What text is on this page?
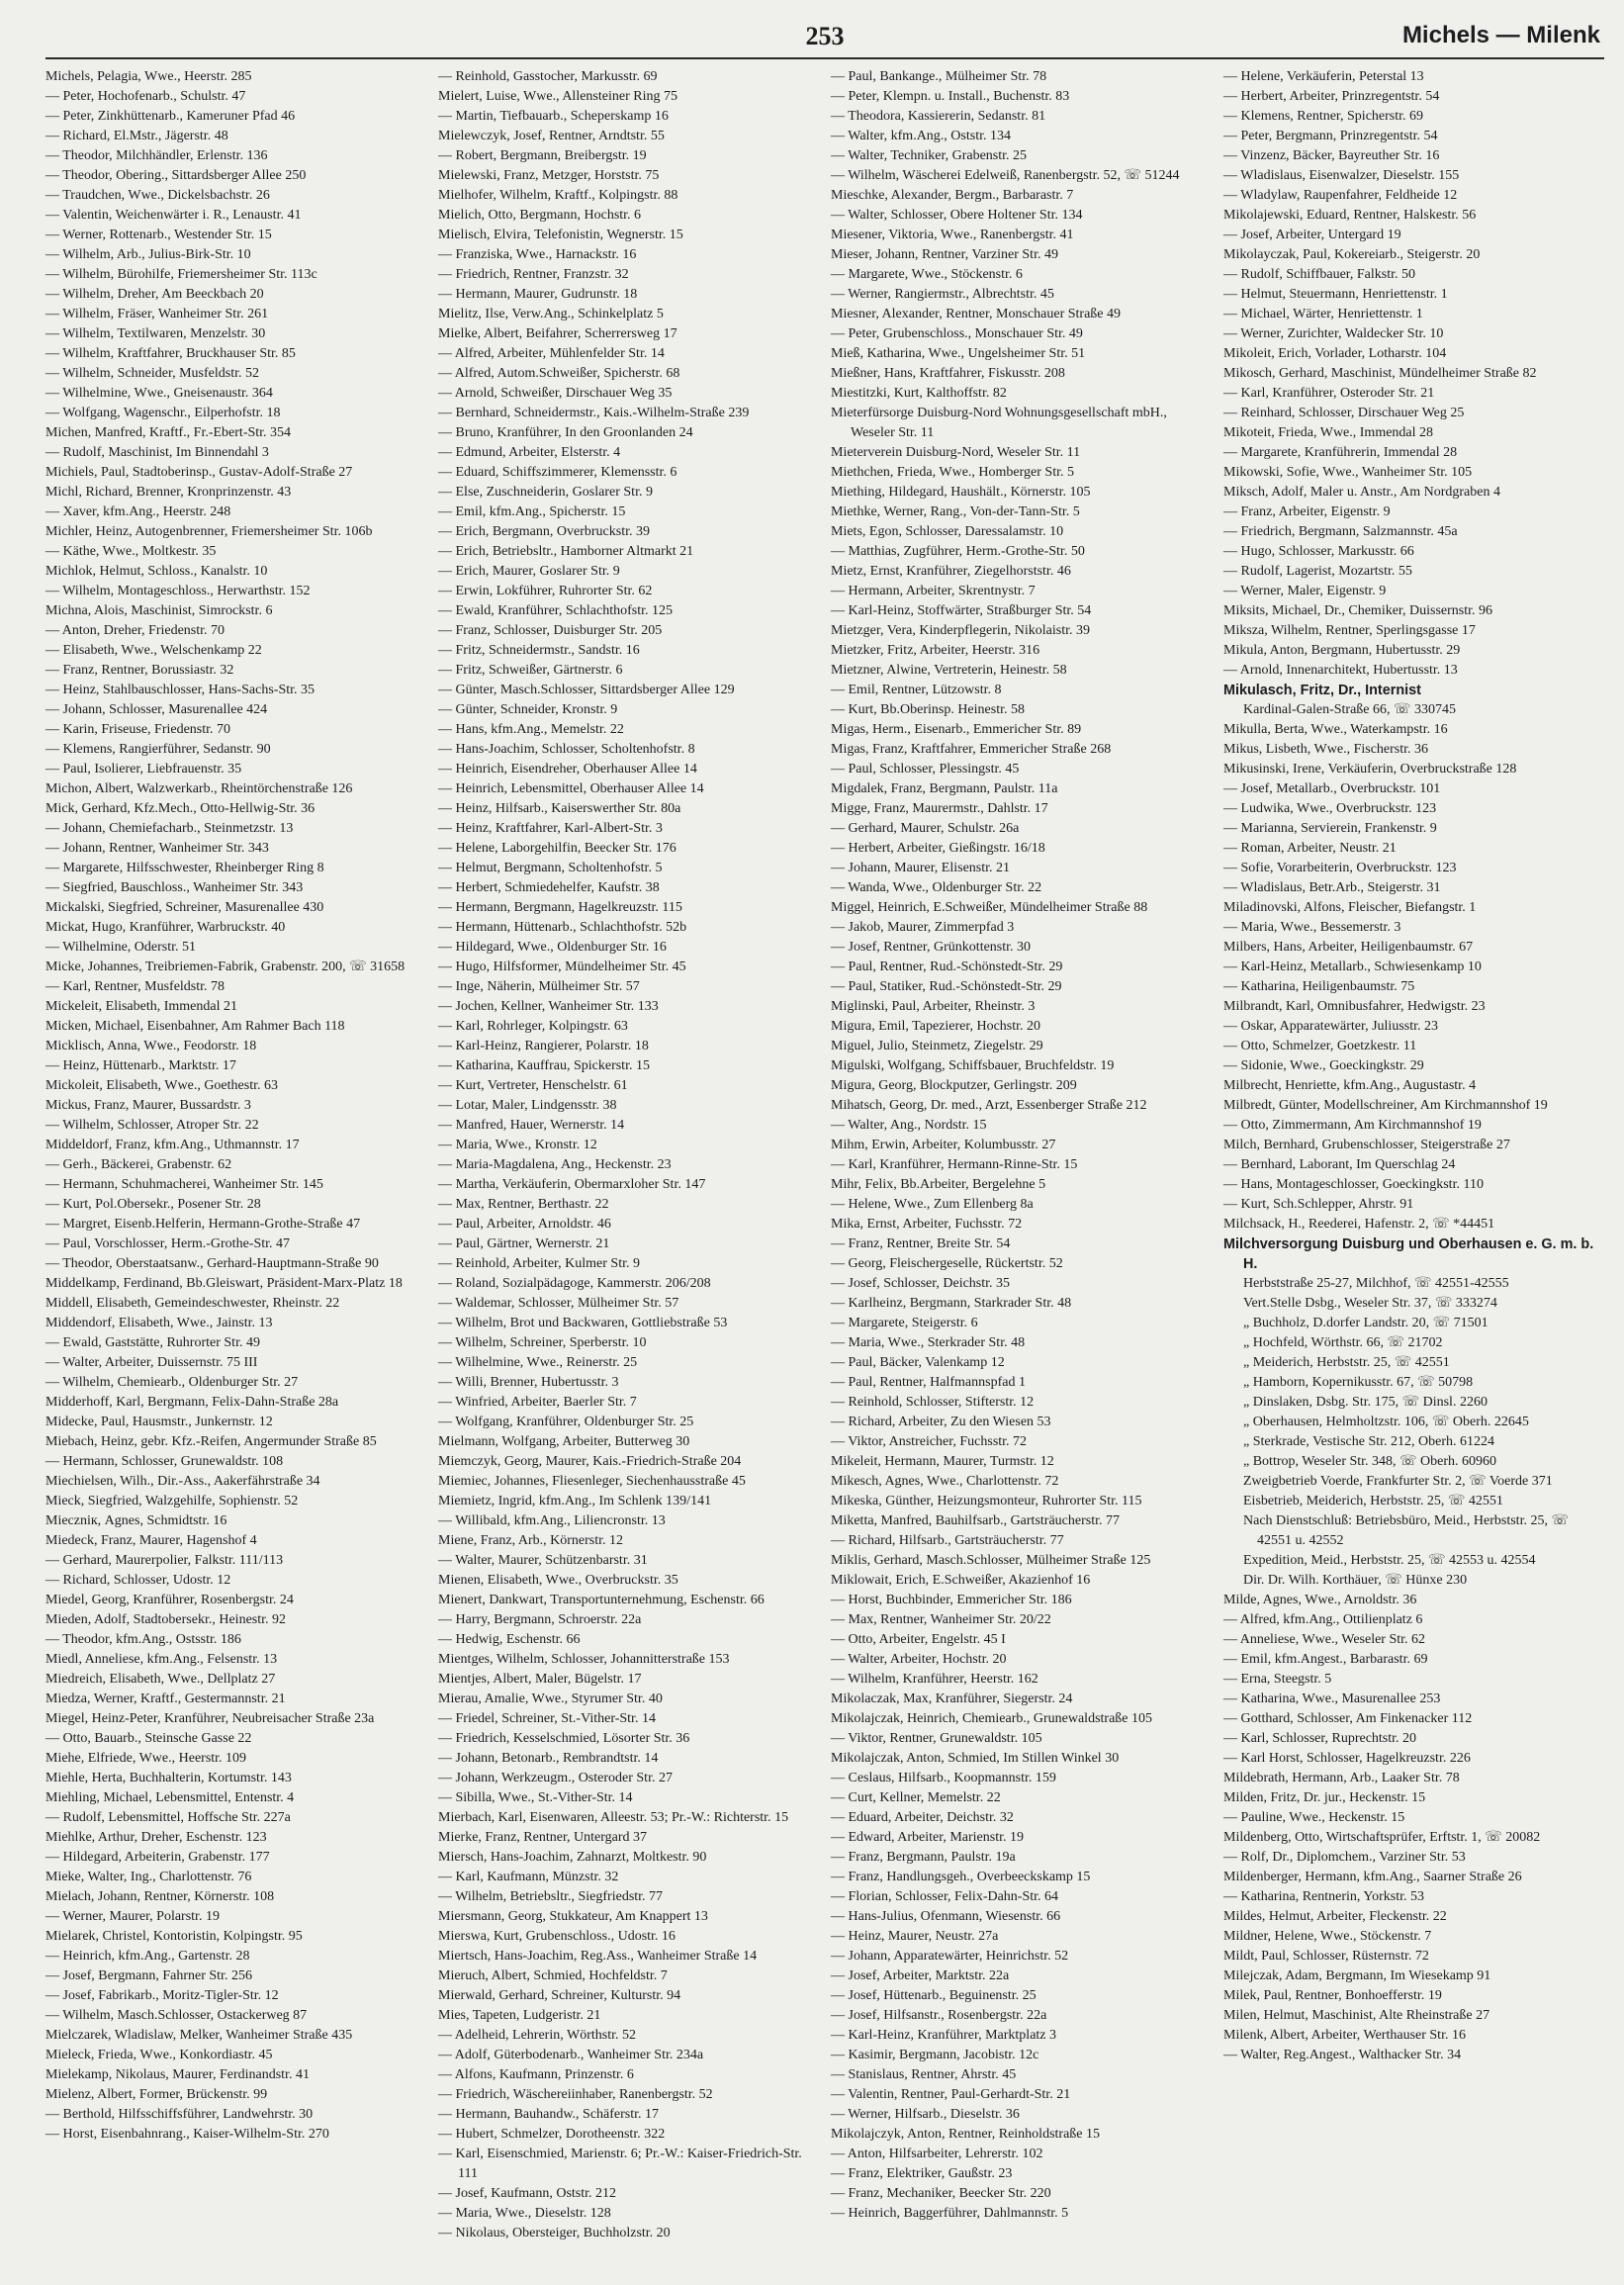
253	Michels — Milenk
Michels, Pelagia, Wwe., Heerstr. 285
— Peter, Hochofenarb., Schulstr. 47
— Peter, Zinkhüttenarb., Kameruner Pfad 46
— Richard, El.Mstr., Jägerstr. 48
— Theodor, Milchhändler, Erlenstr. 136
— Theodor, Obering., Sittardsberger Allee 250
— Traudchen, Wwe., Dickelsbachstr. 26
— Valentin, Weichenwärter i. R., Lenaustr. 41
— Werner, Rottenarb., Westender Str. 15
— Wilhelm, Arb., Julius-Birk-Str. 10
— Wilhelm, Bürohilfe, Friemersheimer Str. 113c
— Wilhelm, Dreher, Am Beeckbach 20
— Wilhelm, Fräser, Wanheimer Str. 261
— Wilhelm, Textilwaren, Menzelstr. 30
— Wilhelm, Kraftfahrer, Bruckhauser Str. 85
— Wilhelm, Schneider, Musfeldstr. 52
— Wilhelmine, Wwe., Gneisenaustr. 364
— Wolfgang, Wagenschr., Eilperhofstr. 18
Michen, Manfred, Kraftf., Fr.-Ebert-Str. 354
— Rudolf, Maschinist, Im Binnendahl 3
Michiels, Paul, Stadtoberinsp., Gustav-Adolf-Straße 27
Michl, Richard, Brenner, Kronprinzenstr. 43
— Xaver, kfm.Ang., Heerstr. 248
Michler, Heinz, Autogenbrenner, Friemersheimer Str. 106b
— Käthe, Wwe., Moltkestr. 35
Michlok, Helmut, Schloss., Kanalstr. 10
— Wilhelm, Montageschloss., Herwarthstr. 152
Michna, Alois, Maschinist, Simrockstr. 6
— Anton, Dreher, Friedenstr. 70
— Elisabeth, Wwe., Welschenkamp 22
— Franz, Rentner, Borussiastr. 32
— Heinz, Stahlbauschlosser, Hans-Sachs-Str. 35
— Johann, Schlosser, Masurenallee 424
— Karin, Friseuse, Friedenstr. 70
— Klemens, Rangierführer, Sedanstr. 90
— Paul, Isolierer, Liebfrauenstr. 35
Michon, Albert, Walzwerkarb., Rheintörchenstraße 126
Mick, Gerhard, Kfz.Mech., Otto-Hellwig-Str. 36
— Johann, Chemiefacharb., Steinmetzstr. 13
— Johann, Rentner, Wanheimer Str. 343
— Margarete, Hilfsschwester, Rheinberger Ring 8
— Siegfried, Bauschloss., Wanheimer Str. 343
Mickalski, Siegfried, Schreiner, Masurenallee 430
Mickat, Hugo, Kranführer, Warbruckstr. 40
— Wilhelmine, Oderstr. 51
Micke, Johannes, Treibriemen-Fabrik, Grabenstr. 200, ☏ 31658
— Karl, Rentner, Musfeldstr. 78
Mickeleit, Elisabeth, Immendal 21
Micken, Michael, Eisenbahner, Am Rahmer Bach 118
Micklisch, Anna, Wwe., Feodorstr. 18
— Heinz, Hüttenarb., Marktstr. 17
Mickoleit, Elisabeth, Wwe., Goethestr. 63
Mickus, Franz, Maurer, Bussardstr. 3
— Wilhelm, Schlosser, Atroper Str. 22
Middeldorf, Franz, kfm.Ang., Uthmannstr. 17
— Gerh., Bäckerei, Grabenstr. 62
— Hermann, Schuhmacherei, Wanheimer Str. 145
— Kurt, Pol.Obersekr., Posener Str. 28
— Margret, Eisenb.Helferin, Hermann-Grothe-Straße 47
— Paul, Vorschlosser, Herm.-Grothe-Str. 47
— Theodor, Oberstaatsanw., Gerhard-Hauptmann-Straße 90
Middelkamp, Ferdinand, Bb.Gleiswart, Präsident-Marx-Platz 18
Middell, Elisabeth, Gemeindeschwester, Rheinstr. 22
Middendorf, Elisabeth, Wwe., Jainstr. 13
— Ewald, Gaststätte, Ruhrorter Str. 49
— Walter, Arbeiter, Duissernstr. 75 III
— Wilhelm, Chemiearb., Oldenburger Str. 27
Midderhoff, Karl, Bergmann, Felix-Dahn-Straße 28a
Midecke, Paul, Hausmstr., Junkernstr. 12
Miebach, Heinz, gebr. Kfz.-Reifen, Angermunder Straße 85
— Hermann, Schlosser, Grunewaldstr. 108
Miechielsen, Wilh., Dir.-Ass., Aakerfährstraße 34
Mieck, Siegfried, Walzgehilfe, Sophienstr. 52
Mieczniк, Agnes, Schmidtstr. 16
Miedeck, Franz, Maurer, Hagenshof 4
— Gerhard, Maurerpolier, Falkstr. 111/113
— Richard, Schlosser, Udostr. 12
Miedel, Georg, Kranführer, Rosenbergstr. 24
Mieden, Adolf, Stadtobersekr., Heinestr. 92
— Theodor, kfm.Ang., Ostsstr. 186
Miedl, Anneliese, kfm.Ang., Felsenstr. 13
Miedreich, Elisabeth, Wwe., Dellplatz 27
Miedza, Werner, Kraftf., Gestermannstr. 21
Miegel, Heinz-Peter, Kranführer, Neubreisacher Straße 23a
— Otto, Bauarb., Steinsche Gasse 22
Miehe, Elfriede, Wwe., Heerstr. 109
Miehle, Herta, Buchhalterin, Kortumstr. 143
Miehling, Michael, Lebensmittel, Entenstr. 4
— Rudolf, Lebensmittel, Hoffsche Str. 227a
Miehlke, Arthur, Dreher, Eschenstr. 123
— Hildegard, Arbeiterin, Grabenstr. 177
Mieke, Walter, Ing., Charlottenstr. 76
Mielach, Johann, Rentner, Körnerstr. 108
— Werner, Maurer, Polarstr. 19
Mielarek, Christel, Kontoristin, Kolpingstr. 95
— Heinrich, kfm.Ang., Gartenstr. 28
— Josef, Bergmann, Fahrner Str. 256
— Josef, Fabrikarb., Moritz-Tigler-Str. 12
— Wilhelm, Masch.Schlosser, Ostackerweg 87
Mielczarek, Wladislaw, Melker, Wanheimer Straße 435
Mieleck, Frieda, Wwe., Konkordiastr. 45
Mielekamp, Nikolaus, Maurer, Ferdinandstr. 41
Mielenz, Albert, Former, Brückenstr. 99
— Berthold, Hilfsschiffsführer, Landwehrstr. 30
— Horst, Eisenbahnrang., Kaiser-Wilhelm-Str. 270
— Reinhold, Gasstocher, Markusstr. 69
Mielert, Luise, Wwe., Allensteiner Ring 75
— Martin, Tiefbauarb., Scheperskamp 16
Mielewczyk, Josef, Rentner, Arndtstr. 55
— Robert, Bergmann, Breibergstr. 19
Mielewski, Franz, Metzger, Horststr. 75
Mielhofer, Wilhelm, Kraftf., Kolpingstr. 88
Mielich, Otto, Bergmann, Hochstr. 6
Mielisch, Elvira, Telefonistin, Wegnerstr. 15
— Franziska, Wwe., Harnackstr. 16
— Friedrich, Rentner, Franzstr. 32
— Hermann, Maurer, Gudrunstr. 18
Mielitz, Ilse, Verw.Ang., Schinkelplatz 5
Mielke, Albert, Beifahrer, Scherrersweg 17
— Alfred, Arbeiter, Mühlenfelder Str. 14
— Alfred, Autom.Schweißer, Spicherstr. 68
— Arnold, Schweißer, Dirschauer Weg 35
— Bernhard, Schneidermstr., Kais.-Wilhelm-Straße 239
— Bruno, Kranführer, In den Groonlanden 24
— Edmund, Arbeiter, Elsterstr. 4
— Eduard, Schiffszimmerer, Klemensstr. 6
— Else, Zuschneiderin, Goslarer Str. 9
— Emil, kfm.Ang., Spicherstr. 15
— Erich, Bergmann, Overbruckstr. 39
— Erich, Betriebsltr., Hamborner Altmarkt 21
— Erich, Maurer, Goslarer Str. 9
— Erwin, Lokführer, Ruhrorter Str. 62
— Ewald, Kranführer, Schlachthofstr. 125
— Franz, Schlosser, Duisburger Str. 205
— Fritz, Schneidermstr., Sandstr. 16
— Fritz, Schweißer, Gärtnerstr. 6
— Günter, Masch.Schlosser, Sittardsberger Allee 129
— Günter, Schneider, Kronstr. 9
— Hans, kfm.Ang., Memelstr. 22
— Hans-Joachim, Schlosser, Scholtenhofstr. 8
— Heinrich, Eisendreher, Oberhauser Allee 14
— Heinrich, Lebensmittel, Oberhauser Allee 14
— Heinz, Hilfsarb., Kaiserswerther Str. 80a
— Heinz, Kraftfahrer, Karl-Albert-Str. 3
— Helene, Laborgehilfin, Beecker Str. 176
— Helmut, Bergmann, Scholtenhofstr. 5
— Herbert, Schmiedehelfer, Kaufstr. 38
— Hermann, Bergmann, Hagelkreuzstr. 115
— Hermann, Hüttenarb., Schlachthofstr. 52b
— Hildegard, Wwe., Oldenburger Str. 16
— Hugo, Hilfsformer, Mündelheimer Str. 45
— Inge, Näherin, Mülheimer Str. 57
— Jochen, Kellner, Wanheimer Str. 133
— Karl, Rohrleger, Kolpingstr. 63
— Karl-Heinz, Rangierer, Polarstr. 18
— Katharina, Kauffrau, Spickerstr. 15
— Kurt, Vertreter, Henschelstr. 61
— Lotar, Maler, Lindgensstr. 38
— Manfred, Hauer, Wernerstr. 14
— Maria, Wwe., Kronstr. 12
— Maria-Magdalena, Ang., Heckenstr. 23
— Martha, Verkäuferin, Obermarxloher Str. 147
— Max, Rentner, Berthastr. 22
— Paul, Arbeiter, Arnoldstr. 46
— Paul, Gärtner, Wernerstr. 21
— Reinhold, Arbeiter, Kulmer Str. 9
— Roland, Sozialpädagoge, Kammerstr. 206/208
— Waldemar, Schlosser, Mülheimer Str. 57
— Wilhelm, Brot und Backwaren, Gottliebstraße 53
— Wilhelm, Schreiner, Sperberstr. 10
— Wilhelmine, Wwe., Reinerstr. 25
— Willi, Brenner, Hubertusstr. 3
— Winfried, Arbeiter, Baerler Str. 7
— Wolfgang, Kranführer, Oldenburger Str. 25
Mielmann, Wolfgang, Arbeiter, Butterweg 30
Miemczyk, Georg, Maurer, Kais.-Friedrich-Straße 204
Miemiec, Johannes, Fliesenleger, Siechenhausstraße 45
Miemietz, Ingrid, kfm.Ang., Im Schlenk 139/141
— Willibald, kfm.Ang., Liliencronstr. 13
Miene, Franz, Arb., Körnerstr. 12
— Walter, Maurer, Schützenbarstr. 31
Mienen, Elisabeth, Wwe., Overbruckstr. 35
Mienert, Dankwart, Transportunternehmung, Eschenstr. 66
— Harry, Bergmann, Schroerstr. 22a
— Hedwig, Eschenstr. 66
Mientges, Wilhelm, Schlosser, Johannitterstraße 153
Mientjes, Albert, Maler, Bügelstr. 17
Mierau, Amalie, Wwe., Styrumer Str. 40
— Friedel, Schreiner, St.-Vither-Str. 14
— Friedrich, Kesselschmied, Lösorter Str. 36
— Johann, Betonarb., Rembrandtstr. 14
— Johann, Werkzeugm., Osteroder Str. 27
— Sibilla, Wwe., St.-Vither-Str. 14
Mierbach, Karl, Eisenwaren, Alleestr. 53; Pr.-W.: Richterstr. 15
Mierke, Franz, Rentner, Untergard 37
Miersch, Hans-Joachim, Zahnarzt, Moltkestr. 90
— Karl, Kaufmann, Münzstr. 32
— Wilhelm, Betriebsltr., Siegfriedstr. 77
Miersmann, Georg, Stukkateur, Am Knappert 13
Mierswa, Kurt, Grubenschloss., Udostr. 16
Miertsch, Hans-Joachim, Reg.Ass., Wanheimer Straße 14
Mieruch, Albert, Schmied, Hochfeldstr. 7
Mierwald, Gerhard, Schreiner, Kulturstr. 94
Mies, Tapeten, Ludgeristr. 21
— Adelheid, Lehrerin, Wörthstr. 52
— Adolf, Güterbodenarb., Wanheimer Str. 234a
— Alfons, Kaufmann, Prinzenstr. 6
— Friedrich, Wäschereiinhaber, Ranenbergstr. 52
— Hermann, Bauhandw., Schäferstr. 17
— Hubert, Schmelzer, Dorotheenstr. 322
— Karl, Eisenschmied, Marienstr. 6; Pr.-W.: Kaiser-Friedrich-Str. 111
— Josef, Kaufmann, Oststr. 212
— Maria, Wwe., Dieselstr. 128
— Nikolaus, Obersteiger, Buchholzstr. 20
— Paul, Bankange., Mülheimer Str. 78
— Peter, Klempn. u. Install., Buchenstr. 83
— Theodora, Kassiererin, Sedanstr. 81
— Walter, kfm.Ang., Oststr. 134
— Walter, Techniker, Grabenstr. 25
— Wilhelm, Wäscherei Edelweiß, Ranenbergstr. 52, ☏ 51244
Mieschke, Alexander, Bergm., Barbarastr. 7
— Walter, Schlosser, Obere Holtener Str. 134
Miesener, Viktoria, Wwe., Ranenbergstr. 41
Mieser, Johann, Rentner, Varziner Str. 49
— Margarete, Wwe., Stöckenstr. 6
— Werner, Rangiermstr., Albrechtstr. 45
Miesner, Alexander, Rentner, Monschauer Straße 49
— Peter, Grubenschloss., Monschauer Str. 49
Mieß, Katharina, Wwe., Ungelsheimer Str. 51
Mießner, Hans, Kraftfahrer, Fiskusstr. 208
Miestitzki, Kurt, Kalthoffstr. 82
Mieterfürsorge Duisburg-Nord Wohnungsgesellschaft mbH., Weseler Str. 11
Mieterverein Duisburg-Nord, Weseler Str. 11
Miethchen, Frieda, Wwe., Homberger Str. 5
Miething, Hildegard, Haushält., Körnerstr. 105
Miethke, Werner, Rang., Von-der-Tann-Str. 5
Miets, Egon, Schlosser, Daressalamstr. 10
— Matthias, Zugführer, Herm.-Grothe-Str. 50
Mietz, Ernst, Kranführer, Ziegelhorststr. 46
— Hermann, Arbeiter, Skrentnystr. 7
— Karl-Heinz, Stoffwärter, Straßburger Str. 54
Mietzger, Vera, Kinderpflegerin, Nikolaistr. 39
Mietzker, Fritz, Arbeiter, Heerstr. 316
Mietzner, Alwine, Vertreterin, Heinestr. 58
— Emil, Rentner, Lützowstr. 8
— Kurt, Bb.Oberinsp. Heinestr. 58
Migas, Herm., Eisenarb., Emmericher Str. 89
Migas, Franz, Kraftfahrer, Emmericher Straße 268
— Paul, Schlosser, Plessingstr. 45
Migdalek, Franz, Bergmann, Paulstr. 11a
Migge, Franz, Maurermstr., Dahlstr. 17
— Gerhard, Maurer, Schulstr. 26a
— Herbert, Arbeiter, Gießingstr. 16/18
— Johann, Maurer, Elisenstr. 21
— Wanda, Wwe., Oldenburger Str. 22
Miggel, Heinrich, E.Schweißer, Mündelheimer Straße 88
— Jakob, Maurer, Zimmerpfad 3
— Josef, Rentner, Grünkottenstr. 30
— Paul, Rentner, Rud.-Schönstedt-Str. 29
— Paul, Statiker, Rud.-Schönstedt-Str. 29
Miglinski, Paul, Arbeiter, Rheinstr. 3
Migura, Emil, Tapezierer, Hochstr. 20
Miguel, Julio, Steinmetz, Ziegelstr. 29
Migulski, Wolfgang, Schiffsbauer, Bruchfeldstr. 19
Migura, Georg, Blockputzer, Gerlingstr. 209
Mihatsch, Georg, Dr. med., Arzt, Essenberger Straße 212
— Walter, Ang., Nordstr. 15
Mihm, Erwin, Arbeiter, Kolumbusstr. 27
— Karl, Kranführer, Hermann-Rinne-Str. 15
Mihr, Felix, Bb.Arbeiter, Bergelehne 5
— Helene, Wwe., Zum Ellenberg 8a
Mika, Ernst, Arbeiter, Fuchsstr. 72
— Franz, Rentner, Breite Str. 54
— Georg, Fleischergeselle, Rückertstr. 52
— Josef, Schlosser, Deichstr. 35
— Karlheinz, Bergmann, Starkrader Str. 48
— Margarete, Steigerstr. 6
— Maria, Wwe., Sterkrader Str. 48
— Paul, Bäcker, Valenkamp 12
— Paul, Rentner, Halfmannspfad 1
— Reinhold, Schlosser, Stifterstr. 12
— Richard, Arbeiter, Zu den Wiesen 53
— Viktor, Anstreicher, Fuchsstr. 72
Mikeleit, Hermann, Maurer, Turmstr. 12
Mikesch, Agnes, Wwe., Charlottenstr. 72
Mikeska, Günther, Heizungsmonteur, Ruhrorter Str. 115
Miketta, Manfred, Bauhilfsarb., Gartsträucherstr. 77
— Richard, Hilfsarb., Gartsträucherstr. 77
Miklis, Gerhard, Masch.Schlosser, Mülheimer Straße 125
Miklowait, Erich, E.Schweißer, Akazienhof 16
— Horst, Buchbinder, Emmericher Str. 186
— Max, Rentner, Wanheimer Str. 20/22
— Otto, Arbeiter, Engelstr. 45 I
— Walter, Arbeiter, Hochstr. 20
— Wilhelm, Kranführer, Heerstr. 162
Mikolaczak, Max, Kranführer, Siegerstr. 24
Mikolajczak, Heinrich, Chemiearb., Grunewaldstraße 105
— Viktor, Rentner, Grunewaldstr. 105
Mikolajczak, Anton, Schmied, Im Stillen Winkel 30
— Ceslaus, Hilfsarb., Koopmannstr. 159
— Curt, Kellner, Memelstr. 22
— Eduard, Arbeiter, Deichstr. 32
— Edward, Arbeiter, Marienstr. 19
— Franz, Bergmann, Paulstr. 19a
— Franz, Handlungsgeh., Overbeeckskamp 15
— Florian, Schlosser, Felix-Dahn-Str. 64
— Hans-Julius, Ofenmann, Wiesenstr. 66
— Heinz, Maurer, Neustr. 27a
— Johann, Apparatewärter, Heinrichstr. 52
— Josef, Arbeiter, Marktstr. 22a
— Josef, Hüttenarb., Beguinenstr. 25
— Josef, Hilfsanstr., Rosenbergstr. 22a
— Karl-Heinz, Kranführer, Marktplatz 3
— Kasimir, Bergmann, Jacobistr. 12c
— Stanislaus, Rentner, Ahrstr. 45
— Valentin, Rentner, Paul-Gerhardt-Str. 21
— Werner, Hilfsarb., Dieselstr. 36
Mikolajczyk, Anton, Rentner, Reinholdstraße 15
— Anton, Hilfsarbeiter, Lehrerstr. 102
— Franz, Elektriker, Gaußstr. 23
— Franz, Mechaniker, Beecker Str. 220
— Heinrich, Baggerführer, Dahlmannstr. 5
— Helene, Verkäuferin, Peterstal 13
— Herbert, Arbeiter, Prinzregentstr. 54
— Klemens, Rentner, Spicherstr. 69
— Peter, Bergmann, Prinzregentstr. 54
— Vinzenz, Bäcker, Bayreuther Str. 16
— Wladislaus, Eisenwalzer, Dieselstr. 155
— Wladylaw, Raupenfahrer, Feldheide 12
Mikolajewski, Eduard, Rentner, Halskestr. 56
— Josef, Arbeiter, Untergard 19
Mikolayczak, Paul, Kokereiarb., Steigerstr. 20
— Rudolf, Schiffbauer, Falkstr. 50
— Helmut, Steuermann, Henriettenstr. 1
— Michael, Wärter, Henriettenstr. 1
— Werner, Zurichter, Waldecker Str. 10
Mikoleit, Erich, Vorlader, Lotharstr. 104
Mikosch, Gerhard, Maschinist, Mündelheimer Straße 82
— Karl, Kranführer, Osteroder Str. 21
— Reinhard, Schlosser, Dirschauer Weg 25
Mikoteit, Frieda, Wwe., Immendal 28
— Margarete, Kranführerin, Immendal 28
Mikowski, Sofie, Wwe., Wanheimer Str. 105
Miksch, Adolf, Maler u. Anstr., Am Nordgraben 4
— Franz, Arbeiter, Eigenstr. 9
— Friedrich, Bergmann, Salzmannstr. 45a
— Hugo, Schlosser, Markusstr. 66
— Rudolf, Lagerist, Mozartstr. 55
— Werner, Maler, Eigenstr. 9
Miksits, Michael, Dr., Chemiker, Duissernstr. 96
Miksza, Wilhelm, Rentner, Sperlingsgasse 17
Mikula, Anton, Bergmann, Hubertusstr. 29
— Arnold, Innenarchitekt, Hubertusstr. 13
Mikulasch, Fritz, Dr., Internist
Kardinal-Galen-Straße 66, ☏ 330745
Mikulla, Berta, Wwe., Waterkampstr. 16
Mikus, Lisbeth, Wwe., Fischerstr. 36
Mikusinski, Irene, Verkäuferin, Overbruckstraße 128
— Josef, Metallarb., Overbruckstr. 101
— Ludwika, Wwe., Overbruckstr. 123
— Marianna, Servierein, Frankenstr. 9
— Roman, Arbeiter, Neustr. 21
— Sofie, Vorarbeiterin, Overbruckstr. 123
— Wladislaus, Betr.Arb., Steigerstr. 31
Miladinovski, Alfons, Fleischer, Biefangstr. 1
— Maria, Wwe., Bessemerstr. 3
Milbers, Hans, Arbeiter, Heiligenbaumstr. 67
— Karl-Heinz, Metallarb., Schwiesenkamp 10
— Katharina, Heiligenbaumstr. 75
Milbrandt, Karl, Omnibusfahrer, Hedwigstr. 23
— Oskar, Apparatewärter, Juliusstr. 23
— Otto, Schmelzer, Goetzkestr. 11
— Sidonie, Wwe., Goeckingkstr. 29
Milbrecht, Henriette, kfm.Ang., Augustastr. 4
Milbredt, Günter, Modellschreiner, Am Kirchmannshof 19
— Otto, Zimmermann, Am Kirchmannshof 19
Milch, Bernhard, Grubenschlosser, Steigerstraße 27
— Bernhard, Laborant, Im Querschlag 24
— Hans, Montageschlosser, Goeckingkstr. 110
— Kurt, Sch.Schlepper, Ahrstr. 91
Milchsack, H., Reederei, Hafenstr. 2, ☏ *44451
Milchversorgung Duisburg und Oberhausen e. G. m. b. H.
Herbststraße 25-27, Milchhof, ☏ 42551-42555
Vert.Stelle Dsbg., Weseler Str. 37, ☏ 333274
„ Buchholz, D.dorfer Landstr. 20, ☏ 71501
„ Hochfeld, Wörthstr. 66, ☏ 21702
„ Meiderich, Herbststr. 25, ☏ 42551
„ Hamborn, Kopernikusstr. 67, ☏ 50798
„ Dinslaken, Dsbg. Str. 175, ☏ Dinsl. 2260
„ Oberhausen, Helmholtzstr. 106, ☏ Oberh. 22645
„ Sterkrade, Vestische Str. 212, Oberh. 61224
„ Bottrop, Weseler Str. 348, ☏ Oberh. 60960
Zweigbetrieb Voerde, Frankfurter Str. 2, ☏ Voerde 371
Eisbetrieb, Meiderich, Herbststr. 25, ☏ 42551
Nach Dienstschluß: Betriebsbüro, Meid., Herbststr. 25, ☏ 42551 u. 42552
Expedition, Meid., Herbststr. 25, ☏ 42553 u. 42554
Dir. Dr. Wilh. Korthäuer, ☏ Hünxe 230
Milde, Agnes, Wwe., Arnoldstr. 36
— Alfred, kfm.Ang., Ottilienplatz 6
— Anneliese, Wwe., Weseler Str. 62
— Emil, kfm.Angest., Barbarastr. 69
— Erna, Steegstr. 5
— Katharina, Wwe., Masurenallee 253
— Gotthard, Schlosser, Am Finkenacker 112
— Karl, Schlosser, Ruprechtstr. 20
— Karl Horst, Schlosser, Hagelkreuzstr. 226
Mildebrath, Hermann, Arb., Laaker Str. 78
Milden, Fritz, Dr. jur., Heckenstr. 15
— Pauline, Wwe., Heckenstr. 15
Mildenberg, Otto, Wirtschaftsprüfer, Erftstr. 1, ☏ 20082
— Rolf, Dr., Diplomchem., Varziner Str. 53
Mildenberger, Hermann, kfm.Ang., Saarner Straße 26
— Katharina, Rentnerin, Yorkstr. 53
Mildes, Helmut, Arbeiter, Fleckenstr. 22
Mildner, Helene, Wwe., Stöckenstr. 7
Mildt, Paul, Schlosser, Rüsternstr. 72
Milejczak, Adam, Bergmann, Im Wiesekamp 91
Milek, Paul, Rentner, Bonhoefferstr. 19
Milen, Helmut, Maschinist, Alte Rheinstraße 27
Milenk, Albert, Arbeiter, Werthauser Str. 16
— Walter, Reg.Angest., Walthacker Str. 34
